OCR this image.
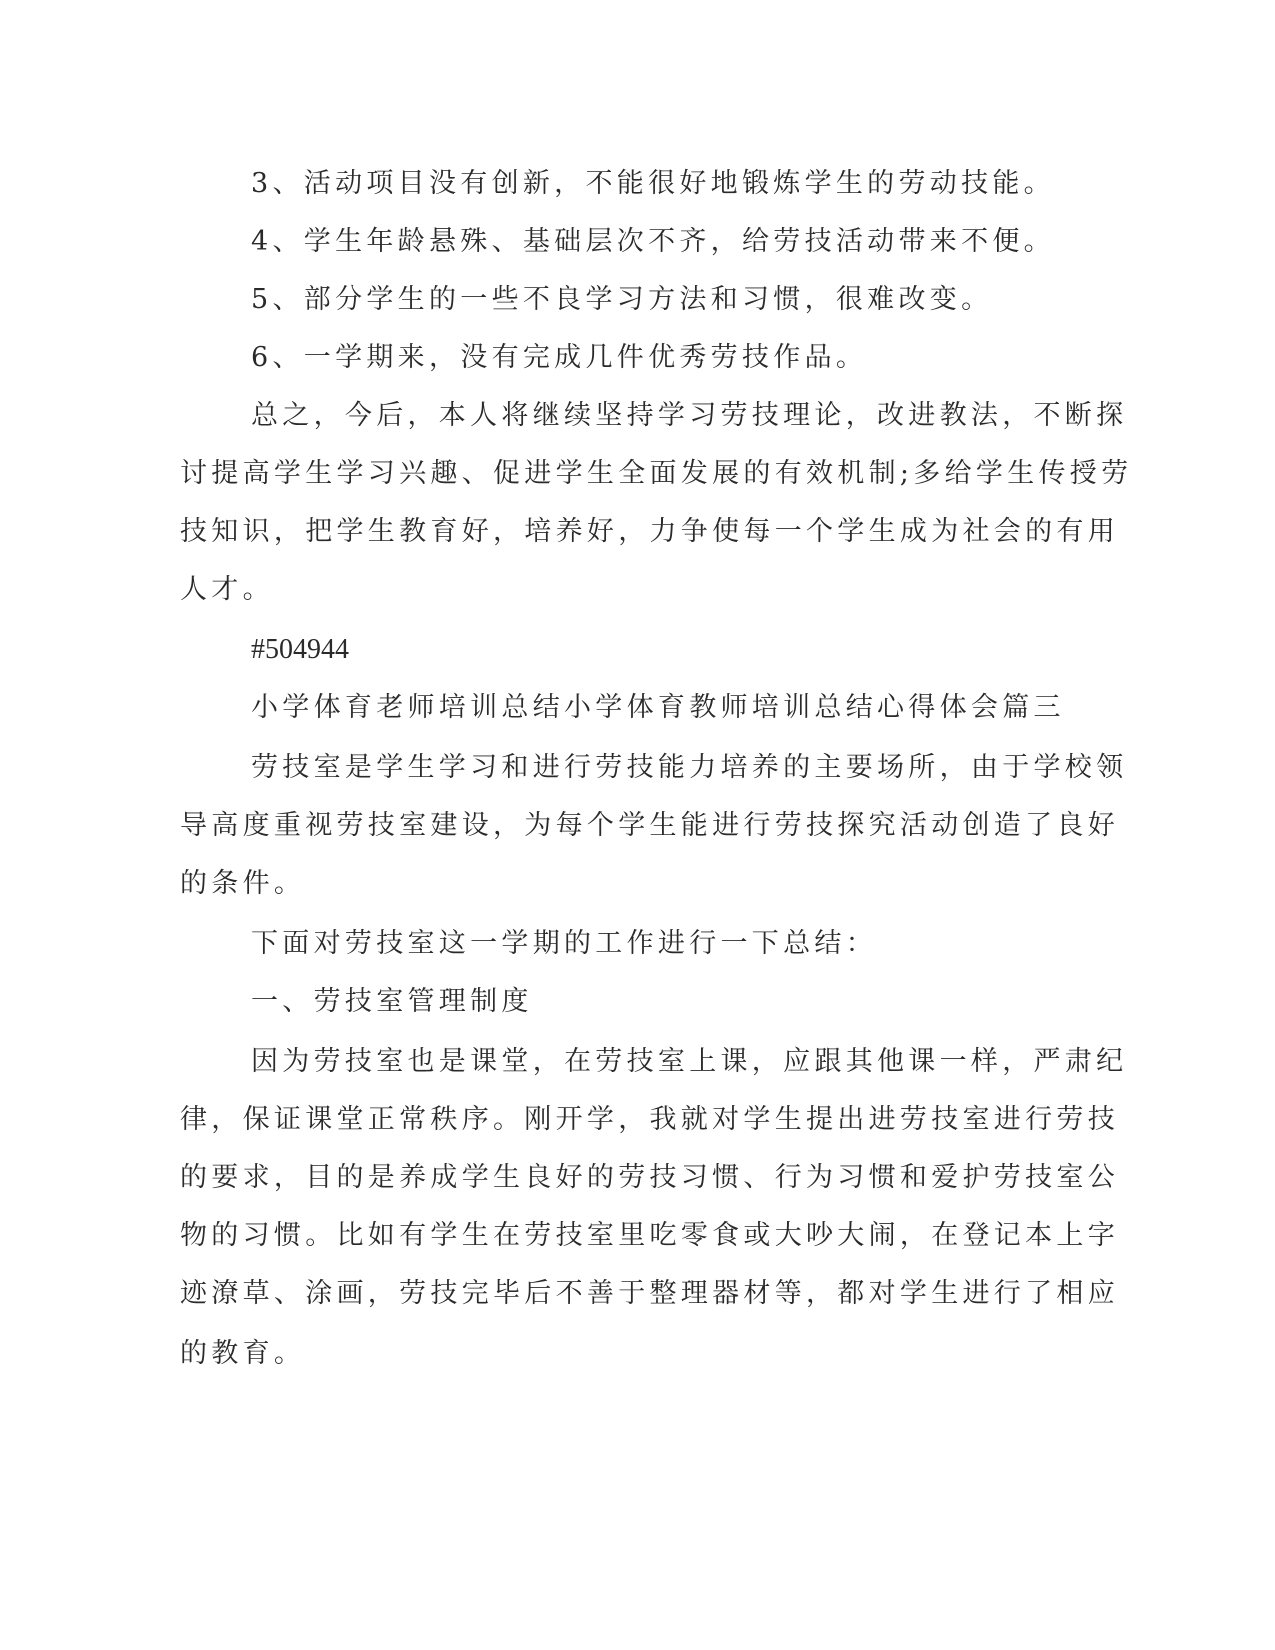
3、活动项目没有创新，不能很好地锻炼学生的劳动技能。

4、学生年龄悬殊、基础层次不齐，给劳技活动带来不便。

5、部分学生的一些不良学习方法和习惯，很难改变。

6、一学期来，没有完成几件优秀劳技作品。

总之，今后，本人将继续坚持学习劳技理论，改进教法，不断探

讨提高学生学习兴趣、促进学生全面发展的有效机制;多给学生传授劳

技知识，把学生教育好，培养好，力争使每一个学生成为社会的有用

人才。

#504944

小学体育老师培训总结小学体育教师培训总结心得体会篇三

劳技室是学生学习和进行劳技能力培养的主要场所，由于学校领

导高度重视劳技室建设，为每个学生能进行劳技探究活动创造了良好

的条件。

下面对劳技室这一学期的工作进行一下总结：

一、劳技室管理制度

因为劳技室也是课堂，在劳技室上课，应跟其他课一样，严肃纪

律，保证课堂正常秩序。刚开学，我就对学生提出进劳技室进行劳技

的要求，目的是养成学生良好的劳技习惯、行为习惯和爱护劳技室公

物的习惯。比如有学生在劳技室里吃零食或大吵大闹，在登记本上字

迹潦草、涂画，劳技完毕后不善于整理器材等，都对学生进行了相应

的教育。
